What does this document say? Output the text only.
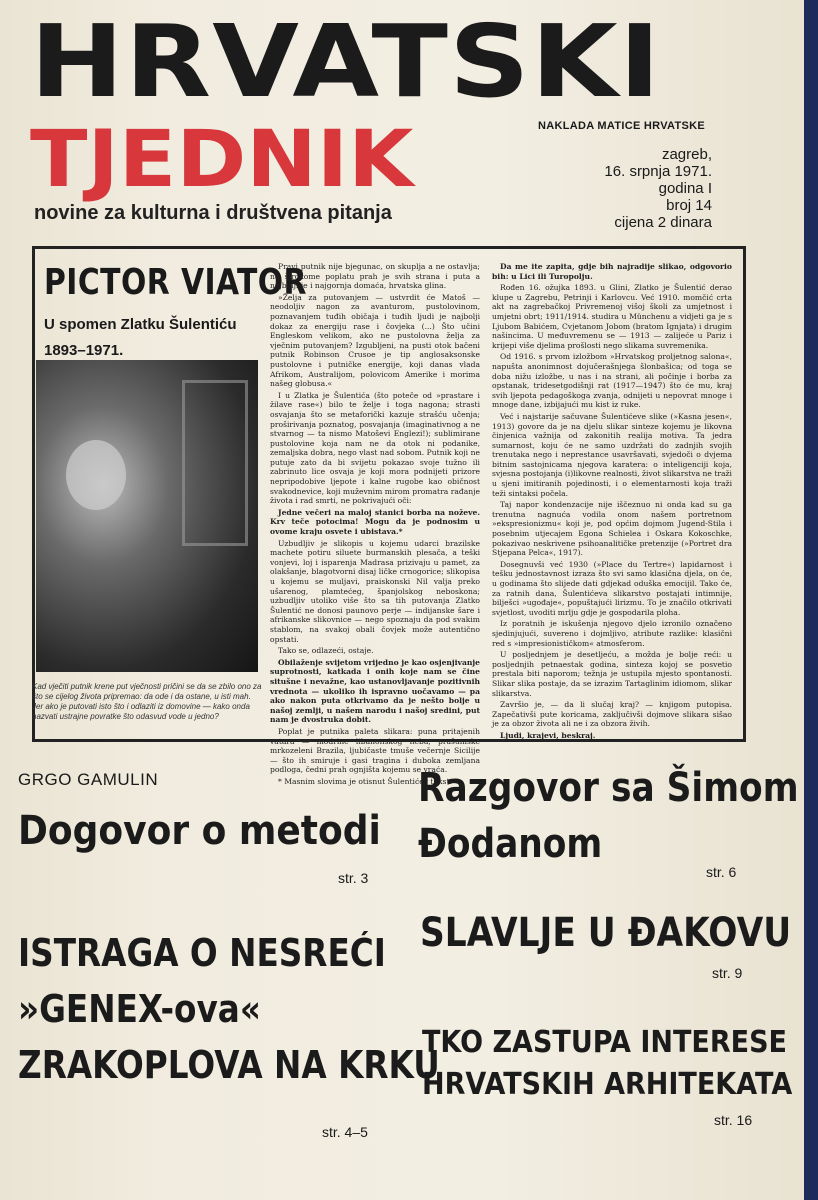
HRVATSKI
TJEDNIK
novine za kulturna i društvena pitanja
NAKLADA MATICE HRVATSKE
zagreb,
16. srpnja 1971.
godina I
broj 14
cijena 2 dinara
PICTOR VIATOR
U spomen Zlatku Šulentiću
1893–1971.
Kad vječiti putnik krene put vječnosti pričini se da se zbilo ono za što se cijelog života pripremao: da ode i da ostane, u isti mah. Jer ako je putovati isto što i odlaziti iz domovine — kako onda nazvati ustrajne povratke što odasvud vode u jedno?

Pravi putnik nije bjegunac, on skuplja a ne ostavlja; na širokome poplatu prah je svih strana i puta a najbolji je i najgornja domaća, hrvatska glina.

»Želja za putovanjem — ustvrdit će Matoš — neodoljiv nagon za avanturom, pustolovinom, poznavanjem tuđih običaja i tuđih ljudi je najbolji dokaz za energiju rase i čovjeka (...) Što učini Engleskom velikom, ako ne pustolovna želja za vječnim putovanjem? Izgubljeni, na pusti otok bačeni putnik Robinson Crusoe je tip anglosaksonske pustolovne i putničke energije, koji danas vlada Afrikom, Australijom, polovicom Amerike i morima našeg globusa.«

I u Zlatka je Šulentića (što poteče od »prastare i žilave rase«) bilo te želje i toga nagona; strasti osvajanja što se metaforički kazuje strašću učenja; proširivanja poznatog, posvajanja (imaginativnog a ne stvarnog — ta nismo Matoševi Englezi!); sublimirane pustolovine koja nam ne da otok ni podanike, zemaljska dobra, nego vlast nad sobom. Putnik koji ne putuje zato da bi svijetu pokazao svoje tužno ili zabrinuto lice osvaja je koji mora podnijeti prizore nepripodobive ljepote i kalne rugobe kao običnost svakodnevice, koji muževnim mirom promatra rađanje života i rad smrti, ne pokrivajući oči:

Jedne večeri na maloj stanici borba na noževe. Krv teče potocima! Mogu da je podnosim u ovome kraju osvete i ubistava.*

Uzbudljiv je slikopis u kojemu udarci brazilske machete potiru siluete burmanskih plesača, a teški vonjevi, loj i isparenja Madrasa prizivaju u pamet, za olakšanje, blagotvorni disaj ličke crnogorice; slikopisa u kojemu se muljavi, praiskonski Nil valja preko ušarenog, plamtećeg, španjolskog neboskona; uzbudljiv utoliko više što sa tih putovanja Zlatko Šulentić ne donosi paunovo perje — indijanske šare i afrikanske slikovnice — nego spoznaju da pod svakim stablom, na svakoj obali čovjek može autentično opstati.

Tako se, odlazeći, ostaje.

Obilaženje svijetom vrijedno je kao osjenjivanje suprotnosti, katkada i onih koje nam se čine situšne i nevažne, kao ustanovljavanje pozitivnih vrednota — ukoliko ih ispravno uočavamo — pa ako nakon puta otkrivamo da je nešto bolje u našoj zemlji, u našem narodu i našoj sredini, put nam je dvostruka dobit.

Poplat je putnika paleta slikara: puna pritajenih vatara — modrine libanonskog neba, prašumske mrkozeleni Brazila, ljubičaste tmuše večernje Sicilije — što ih smiruje i gasi tragina i duboka zemljana podloga, čedni prah ognjišta kojemu se vraća.

* Masnim slovima je otisnut Šulentićev tekst.

Da me ite zapita, gdje bih najradije slikao, odgovorio bih: u Lici ili Turopolju.

Rođen 16. ožujka 1893. u Glini, Zlatko je Šulentić derao klupe u Zagrebu, Petrinji i Karlovcu. Već 1910. momčić crta akt na zagrebačkoj Privremenoj višoj školi za umjetnost i umjetni obrt; 1911/1914. studira u Münchenu a vidjeti ga je s Ljubom Babićem, Cvjetanom Jobom (bratom Ignjata) i drugim našincima. U međuvremenu se — 1913 — zalijeće u Pariz i krijepi više djelima prošlosti nego slikama suvremenika.

Od 1916. s prvom izložbom »Hrvatskog proljetnog salona«, napušta anonimnost dojučerašnjega šlonbašica; od toga se doba nižu izložbe, u nas i na strani, ali počinje i borba za opstanak, tridesetgodišnji rat (1917—1947) što će mu, kraj svih ljepota pedagoškoga zvanja, odnijeti u nepovrat mnoge i mnoge dane, izbijajući mu kist iz ruke.

Već i najstarije sačuvane Šulentićeve slike (»Kasna jesen«, 1913) govore da je na djelu slikar sinteze kojemu je likovna činjenica važnija od zakonitih realija motiva. Ta jedra sumarnost, koju će ne samo uzdržati do zadnjih svojih trenutaka nego i neprestance usavršavati, svjedoči o dvjema bitnim sastojnicama njegova karatera: o inteligenciji koja, svjesna postojanja (i)likovne realnosti, život slikarstva ne traži u sjeni imitiranih pojedinosti, i o elementarnosti koja traži teži sintaksi počela.

Taj napor kondenzacije nije iščeznuo ni onda kad su ga trenutna nagnuća vodila onom našem portretnom »ekspresionizmu« koji je, pod općim dojmom Jugend-Stila i posebnim utjecajem Egona Schielea i Oskara Kokoschke, pokazivao neskrivene psihoanalitičke pretenzije (»Portret dra Stjepana Pelca«, 1917).

Dosegnuvši već 1930 (»Place du Tertre«) lapidarnost i tešku jednostavnost izraza što svi samo klasična djela, on će, u godinama što slijede dati gdjekad oduška emocijil. Tako će, za ratnih dana, Šulentićeva slikarstvo postajati intimnije, bilješci »ugođaje«, popuštajući lirizmu. To je značilo otkrivati svjetlost, uvoditi mrlju gdje je gospodarila ploha.

Iz poratnih je iskušenja njegovo djelo izronilo označeno sjedinjujući, suvereno i dojmljivo, atribute razlike: klasični red s »impresionističkom« atmosferom.

U posljednjem je desetljeću, a možda je bolje reći: u posljednjih petnaestak godina, sinteza kojoj se posvetio prestala biti naporom; težnja je ustupila mjesto spontanosti. Slikar slika postaje, da se izrazim Tartaglinim idiomom, slikar slikarstva.

Završio je, — da li slučaj kraj? — knjigom putopisa. Zapečativši pute koricama, zaključivši dojmove slikara sišao je za obzor života ali ne i za obzora živih.

Ljudi, krajevi, beskraj.

GRGO GAMULIN
Dogovor o metodi
str. 3
ISTRAGA O NESREĆI
»GENEX-ova«
ZRAKOPLOVA NA KRKU
str. 4–5
Razgovor sa Šimom
Đodanom
str. 6
SLAVLJE U ĐAKOVU
str. 9
TKO ZASTUPA INTERESE
HRVATSKIH ARHITEKATA
str. 16
